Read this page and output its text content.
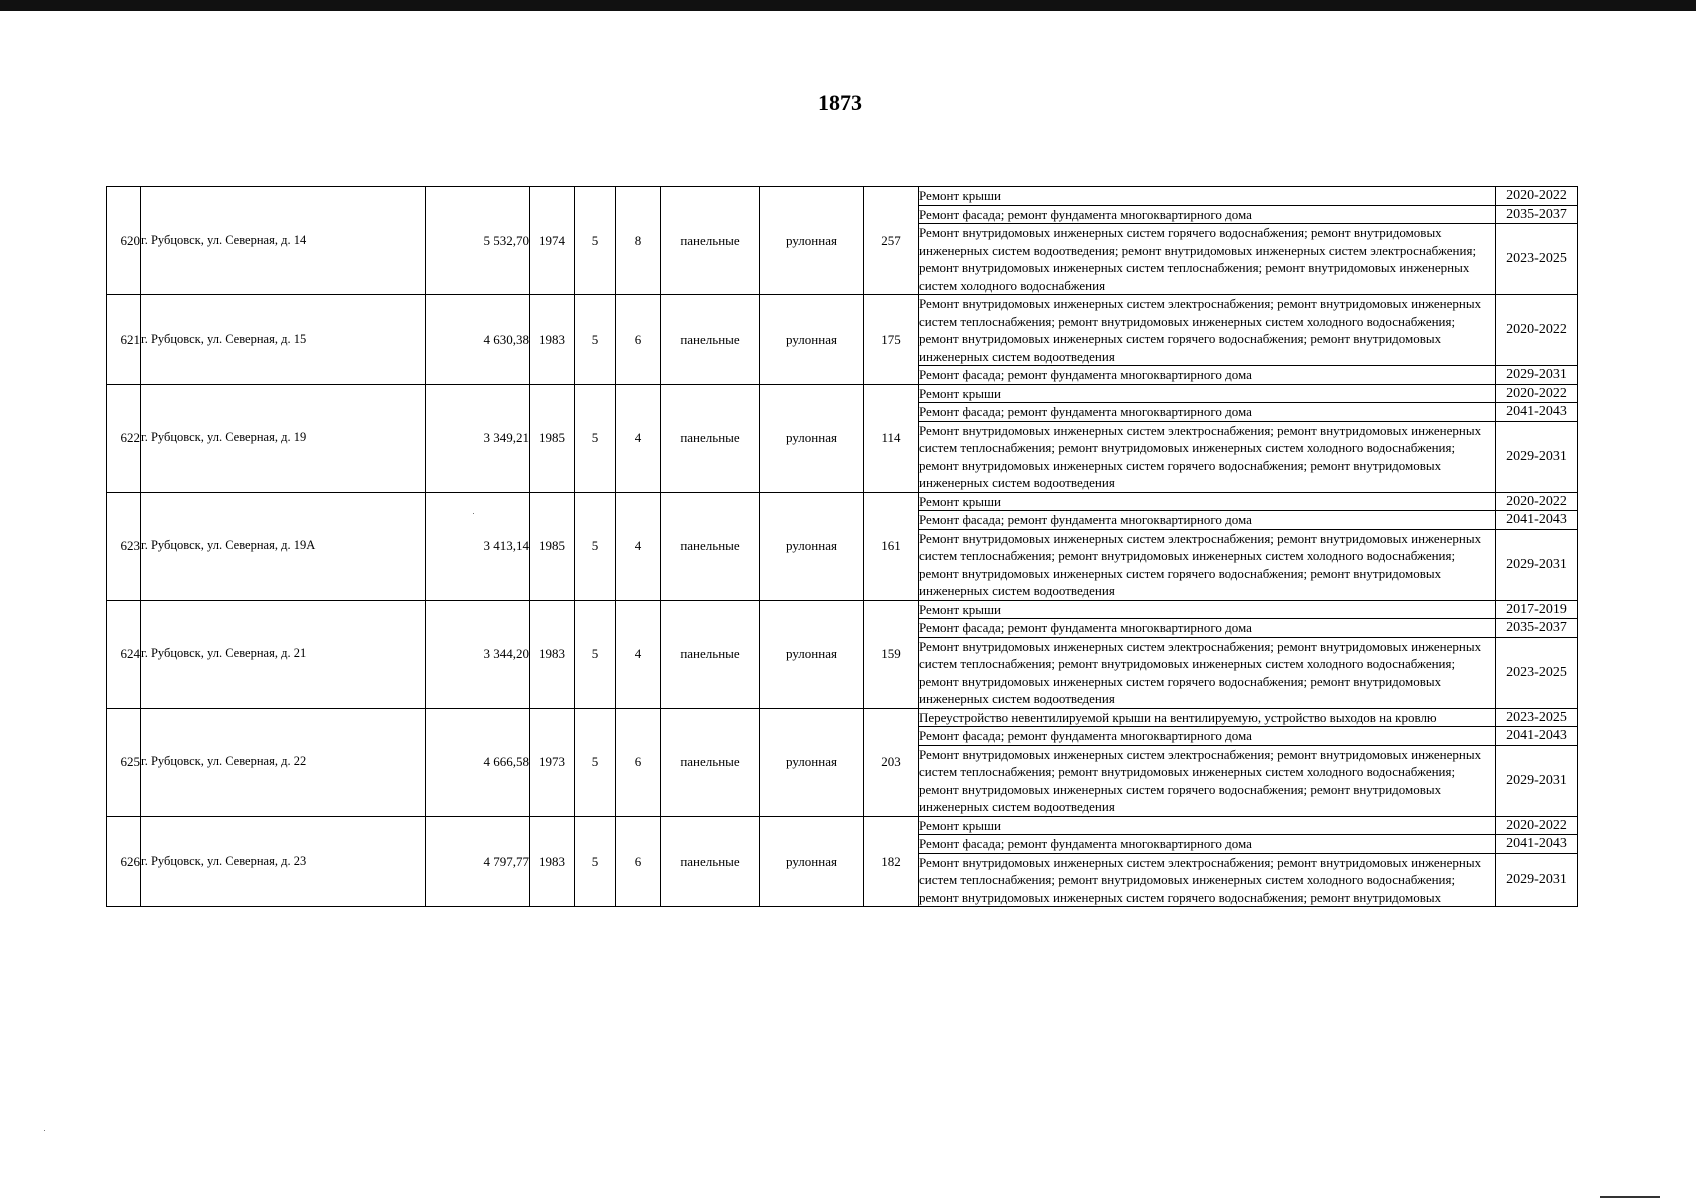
1873
620	г. Рубцовск, ул. Северная, д. 14	5 532,70	1974	5	8	панельные	рулонная	257	Ремонт крыши	2020-2022
									Ремонт фасада; ремонт фундамента многоквартирного дома	2035-2037
									Ремонт внутридомовых инженерных систем горячего водоснабжения; ремонт внутридомовых инженерных систем водоотведения; ремонт внутридомовых инженерных систем электроснабжения; ремонт внутридомовых инженерных систем теплоснабжения; ремонт внутридомовых инженерных систем холодного водоснабжения	2023-2025
621	г. Рубцовск, ул. Северная, д. 15	4 630,38	1983	5	6	панельные	рулонная	175	Ремонт внутридомовых инженерных систем электроснабжения; ремонт внутридомовых инженерных систем теплоснабжения; ремонт внутридомовых инженерных систем холодного водоснабжения; ремонт внутридомовых инженерных систем горячего водоснабжения; ремонт внутридомовых инженерных систем водоотведения	2020-2022
									Ремонт фасада; ремонт фундамента многоквартирного дома	2029-2031
622	г. Рубцовск, ул. Северная, д. 19	3 349,21	1985	5	4	панельные	рулонная	114	Ремонт крыши	2020-2022
									Ремонт фасада; ремонт фундамента многоквартирного дома	2041-2043
									Ремонт внутридомовых инженерных систем электроснабжения; ремонт внутридомовых инженерных систем теплоснабжения; ремонт внутридомовых инженерных систем холодного водоснабжения; ремонт внутридомовых инженерных систем горячего водоснабжения; ремонт внутридомовых инженерных систем водоотведения	2029-2031
623	г. Рубцовск, ул. Северная, д. 19А	3 413,14	1985	5	4	панельные	рулонная	161	Ремонт крыши	2020-2022
									Ремонт фасада; ремонт фундамента многоквартирного дома	2041-2043
									Ремонт внутридомовых инженерных систем электроснабжения; ремонт внутридомовых инженерных систем теплоснабжения; ремонт внутридомовых инженерных систем холодного водоснабжения; ремонт внутридомовых инженерных систем горячего водоснабжения; ремонт внутридомовых инженерных систем водоотведения	2029-2031
624	г. Рубцовск, ул. Северная, д. 21	3 344,20	1983	5	4	панельные	рулонная	159	Ремонт крыши	2017-2019
									Ремонт фасада; ремонт фундамента многоквартирного дома	2035-2037
									Ремонт внутридомовых инженерных систем электроснабжения; ремонт внутридомовых инженерных систем теплоснабжения; ремонт внутридомовых инженерных систем холодного водоснабжения; ремонт внутридомовых инженерных систем горячего водоснабжения; ремонт внутридомовых инженерных систем водоотведения	2023-2025
625	г. Рубцовск, ул. Северная, д. 22	4 666,58	1973	5	6	панельные	рулонная	203	Переустройство невентилируемой крыши на вентилируемую, устройство выходов на кровлю	2023-2025
									Ремонт фасада; ремонт фундамента многоквартирного дома	2041-2043
									Ремонт внутридомовых инженерных систем электроснабжения; ремонт внутридомовых инженерных систем теплоснабжения; ремонт внутридомовых инженерных систем холодного водоснабжения; ремонт внутридомовых инженерных систем горячего водоснабжения; ремонт внутридомовых инженерных систем водоотведения	2029-2031
626	г. Рубцовск, ул. Северная, д. 23	4 797,77	1983	5	6	панельные	рулонная	182	Ремонт крыши	2020-2022
									Ремонт фасада; ремонт фундамента многоквартирного дома	2041-2043
									Ремонт внутридомовых инженерных систем электроснабжения; ремонт внутридомовых инженерных систем теплоснабжения; ремонт внутридомовых инженерных систем холодного водоснабжения; ремонт внутридомовых инженерных систем горячего водоснабжения; ремонт внутридомовых	2029-2031
